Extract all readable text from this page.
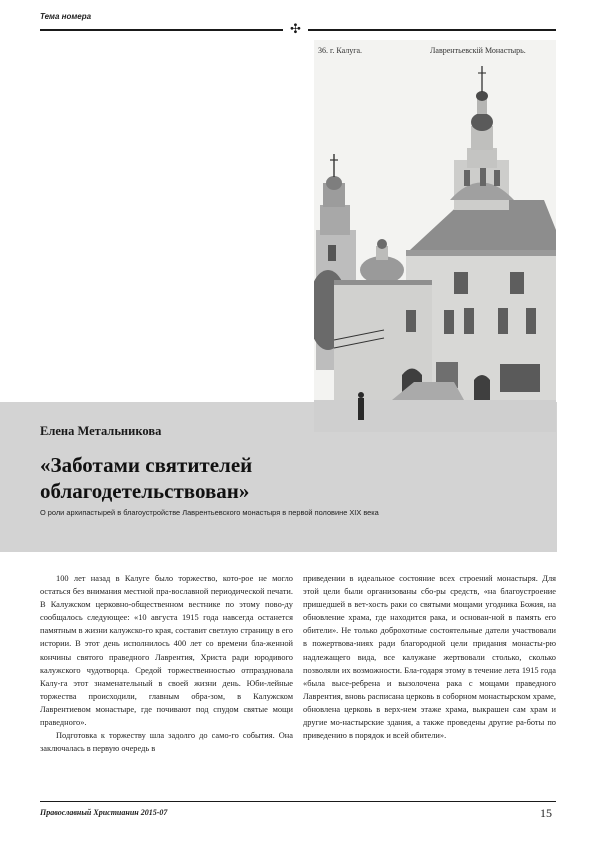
Тема номера
✣
36. г. Калуга.	Лаврентьевскій Монастырь.
Елена Метальникова
«Заботами святителей облагодетельствован»
О роли архипастырей в благоустройстве Лаврентьевского монастыря в первой половине XIX века

100 лет назад в Калуге было торжество, кото-рое не могло остаться без внимания местной пра-вославной периодической печати. В Калужском церковно-общественном вестнике по этому пово-ду сообщалось следующее: «10 августа 1915 года навсегда останется памятным в жизни калужско-го края, составит светлую страницу в его истории. В этот день исполнилось 400 лет со времени бла-женной кончины святого праведного Лаврентия, Христа ради юродивого калужского чудотворца. Средой торжественностью отпраздновала Калу-га этот знаменательный в своей жизни день. Юби-лейные торжества происходили, главным обра-зом, в Калужском Лаврентиевом монастыре, где почивают под спудом святые мощи праведного».

Подготовка к торжеству шла задолго до само-го события. Она заключалась в первую очередь в

приведении в идеальное состояние всех строений монастыря. Для этой цели были организованы сбо-ры средств, «на благоустроение пришедшей в вет-хость раки со святыми мощами угодника Божия, на обновление храма, где находится рака, и основан-ной в память его обители». Не только доброхотные состоятельные датели участвовали в пожертвова-ниях ради благородной цели придания монасты-рю надлежащего вида, все калужане жертвовали столько, сколько позволяли их возможности. Бла-годаря этому в течение лета 1915 года «была высе-ребрена и вызолочена рака с мощами праведного Лаврентия, вновь расписана церковь в соборном монастырском храме, обновлена церковь в верх-нем этаже храма, выкрашен сам храм и другие мо-настырские здания, а также проведены другие ра-боты по приведению в порядок и всей обители».

Православный Христианин 2015-07	15
